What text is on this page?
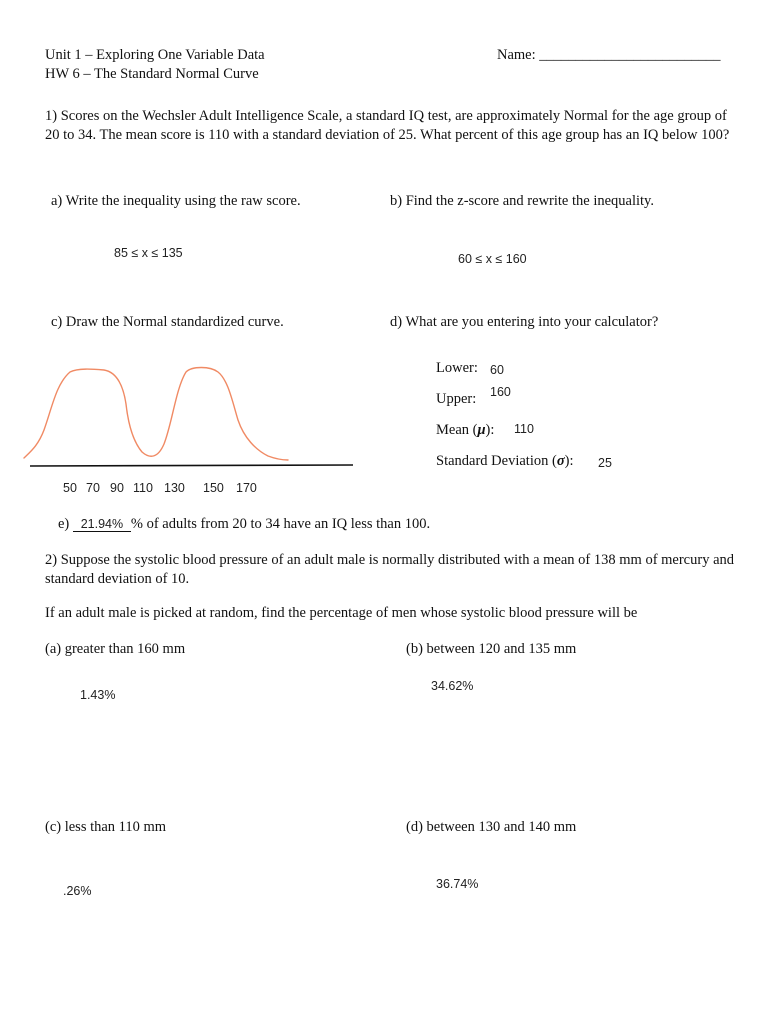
Unit 1 – Exploring One Variable Data
HW 6 – The Standard Normal Curve
Name: _________________________
1) Scores on the Wechsler Adult Intelligence Scale, a standard IQ test, are approximately Normal for the age group of 20 to 34. The mean score is 110 with a standard deviation of 25. What percent of this age group has an IQ below 100?
a) Write the inequality using the raw score.	b) Find the z-score and rewrite the inequality.
85 ≤ x ≤ 135	60 ≤ x ≤ 160
c) Draw the Normal standardized curve.	d) What are you entering into your calculator?
Lower: 60
Upper: 160
Mean (μ): 110
Standard Deviation (σ): 25
50 70 90 110 130 150 170
e) 21.94% % of adults from 20 to 34 have an IQ less than 100.
2) Suppose the systolic blood pressure of an adult male is normally distributed with a mean of 138 mm of mercury and standard deviation of 10.
If an adult male is picked at random, find the percentage of men whose systolic blood pressure will be
(a) greater than 160 mm	(b) between 120 and 135 mm
1.43%
34.62%
(c) less than 110 mm	(d) between 130 and 140 mm
.26%	36.74%
